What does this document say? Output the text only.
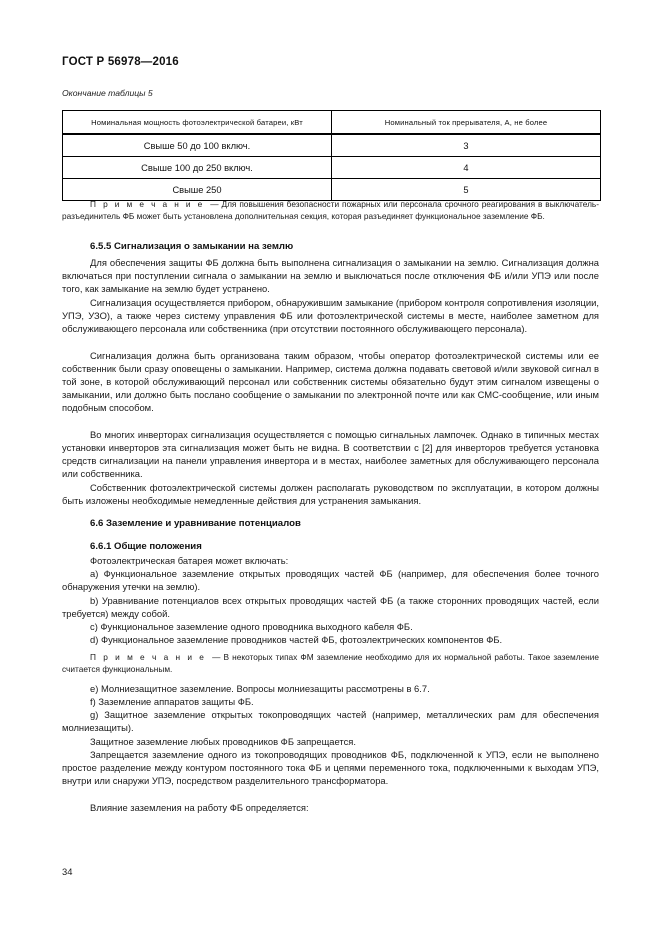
ГОСТ Р 56978—2016
Окончание таблицы 5
Номинальная мощность фотоэлектрической батареи, кВт	Номинальный ток прерывателя, А, не более
Свыше 50 до 100 включ.	3
Свыше 100 до 250 включ.	4
Свыше 250	5
П р и м е ч а н и е — Для повышения безопасности пожарных или персонала срочного реагирования в выключатель-разъединитель ФБ может быть установлена дополнительная секция, которая разъединяет функциональное заземление ФБ.
6.5.5 Сигнализация о замыкании на землю
Для обеспечения защиты ФБ должна быть выполнена сигнализация о замыкании на землю. Сигнализация должна включаться при поступлении сигнала о замыкании на землю и выключаться после отключения ФБ и/или УПЭ или после того, как замыкание на землю будет устранено.
Сигнализация осуществляется прибором, обнаружившим замыкание (прибором контроля сопротивления изоляции, УПЭ, УЗО), а также через систему управления ФБ или фотоэлектрической системы в месте, наиболее заметном для обслуживающего персонала или собственника (при отсутствии постоянного обслуживающего персонала).
Сигнализация должна быть организована таким образом, чтобы оператор фотоэлектрической системы или ее собственник были сразу оповещены о замыкании. Например, система должна подавать световой и/или звуковой сигнал в той зоне, в которой обслуживающий персонал или собственник системы обязательно будут этим сигналом извещены о замыкании, или должно быть послано сообщение о замыкании по электронной почте или как СМС-сообщение, или иным подобным способом.
Во многих инверторах сигнализация осуществляется с помощью сигнальных лампочек. Однако в типичных местах установки инверторов эта сигнализация может быть не видна. В соответствии с [2] для инверторов требуется установка средств сигнализации на панели управления инвертора и в местах, наиболее заметных для обслуживающего персонала или собственника.
Собственник фотоэлектрической системы должен располагать руководством по эксплуатации, в котором должны быть изложены необходимые немедленные действия для устранения замыкания.
6.6 Заземление и уравнивание потенциалов
6.6.1 Общие положения
Фотоэлектрическая батарея может включать:
a) Функциональное заземление открытых проводящих частей ФБ (например, для обеспечения более точного обнаружения утечки на землю).
b) Уравнивание потенциалов всех открытых проводящих частей ФБ (а также сторонних проводящих частей, если требуется) между собой.
c) Функциональное заземление одного проводника выходного кабеля ФБ.
d) Функциональное заземление проводников частей ФБ, фотоэлектрических компонентов ФБ.
П р и м е ч а н и е — В некоторых типах ФМ заземление необходимо для их нормальной работы. Такое заземление считается функциональным.
e) Молниезащитное заземление. Вопросы молниезащиты рассмотрены в 6.7.
f) Заземление аппаратов защиты ФБ.
g) Защитное заземление открытых токопроводящих частей (например, металлических рам для обеспечения молниезащиты).
Защитное заземление любых проводников ФБ запрещается.
Запрещается заземление одного из токопроводящих проводников ФБ, подключенной к УПЭ, если не выполнено простое разделение между контуром постоянного тока ФБ и цепями переменного тока, подключенными к выходам УПЭ, внутри или снаружи УПЭ, посредством разделительного трансформатора.
Влияние заземления на работу ФБ определяется:
34
